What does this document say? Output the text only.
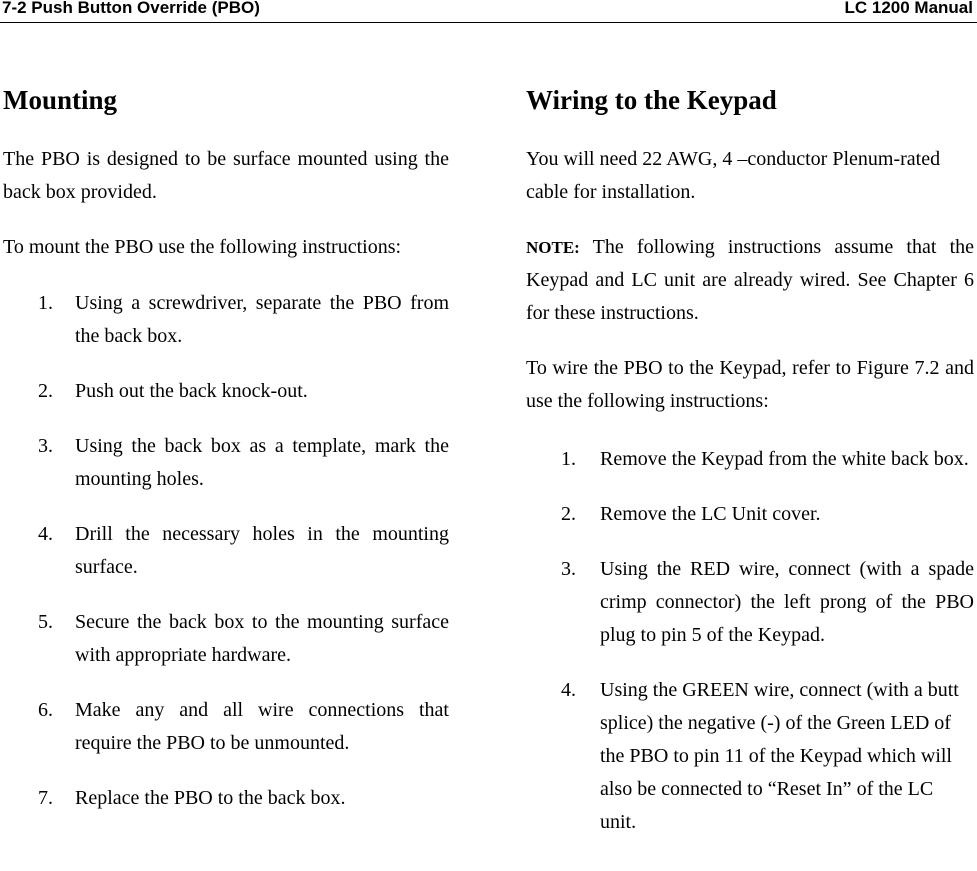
7-2 Push Button Override (PBO)	LC 1200 Manual
Mounting

The PBO is designed to be surface mounted using the back box provided.

To mount the PBO use the following instructions:

1. Using a screwdriver, separate the PBO from the back box.
2. Push out the back knock-out.
3. Using the back box as a template, mark the mounting holes.
4. Drill the necessary holes in the mounting surface.
5. Secure the back box to the mounting surface with appropriate hardware.
6. Make any and all wire connections that require the PBO to be unmounted.
7. Replace the PBO to the back box.
Wiring to the Keypad

You will need 22 AWG, 4 –conductor Plenum-rated cable for installation.

NOTE: The following instructions assume that the Keypad and LC unit are already wired. See Chapter 6 for these instructions.

To wire the PBO to the Keypad, refer to Figure 7.2 and use the following instructions:

1. Remove the Keypad from the white back box.
2. Remove the LC Unit cover.
3. Using the RED wire, connect (with a spade crimp connector) the left prong of the PBO plug to pin 5 of the Keypad.
4. Using the GREEN wire, connect (with a butt splice) the negative (-) of the Green LED of the PBO to pin 11 of the Keypad which will also be connected to “Reset In” of the LC unit.
